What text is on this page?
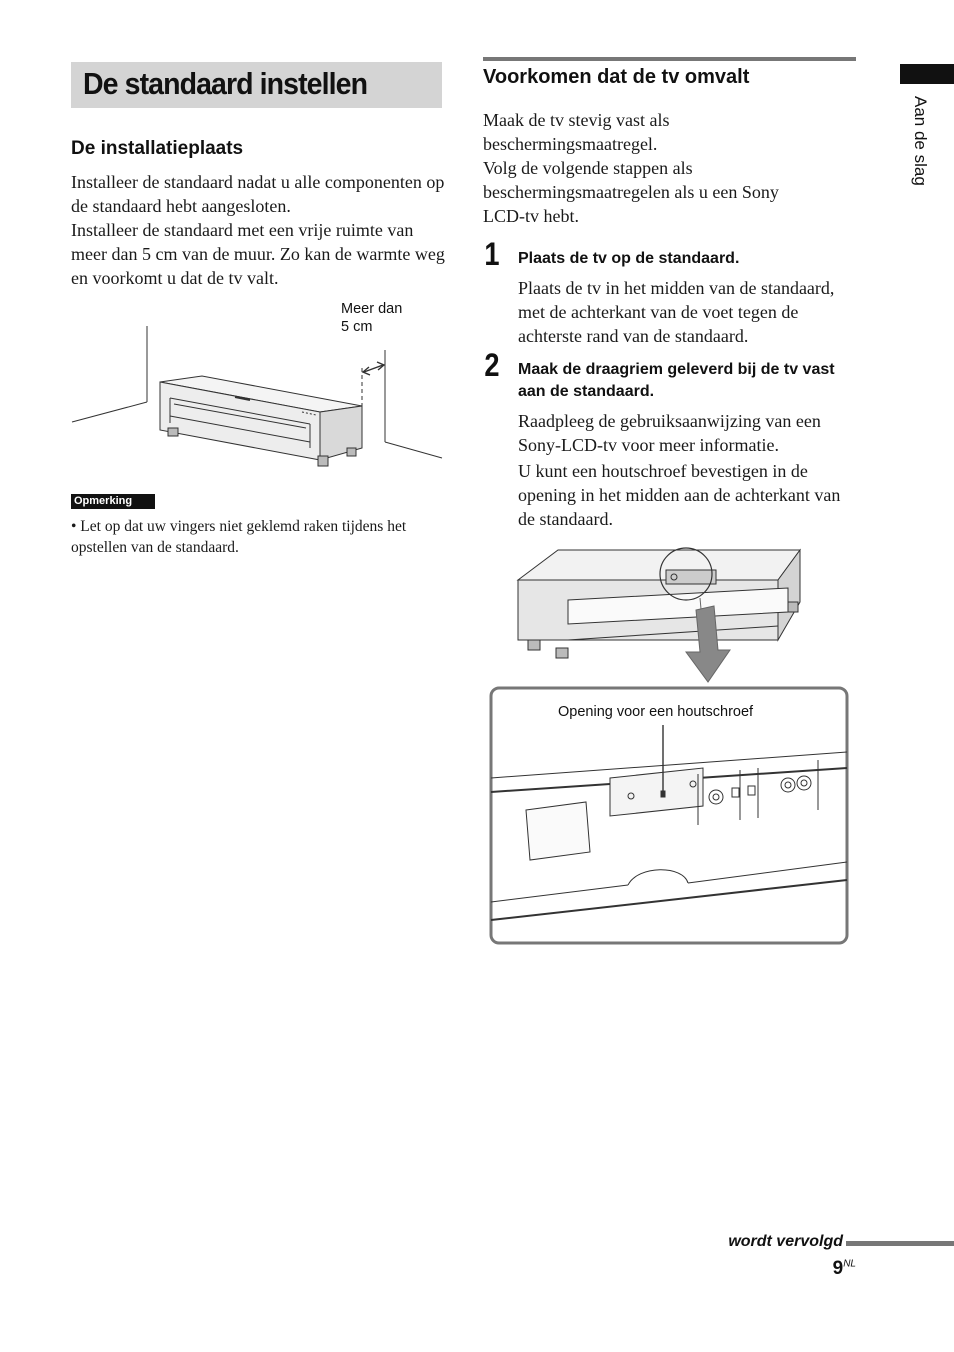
De standaard instellen
De installatieplaats

Installeer de standaard nadat u alle componenten op de standaard hebt aangesloten.

Installeer de standaard met een vrije ruimte van meer dan 5 cm van de muur. Zo kan de warmte weg en voorkomt u dat de tv valt.

Meer dan
5 cm
Opmerking
• Let op dat uw vingers niet geklemd raken tijdens het opstellen van de standaard.
Voorkomen dat de tv omvalt

Maak de tv stevig vast als beschermingsmaatregel.

Volg de volgende stappen als beschermingsmaatregelen als u een Sony LCD-tv hebt.

1 Plaats de tv op de standaard.
Plaats de tv in het midden van de standaard, met de achterkant van de voet tegen de achterste rand van de standaard.
2 Maak de draagriem geleverd bij de tv vast aan de standaard.
Raadpleeg de gebruiksaanwijzing van een Sony-LCD-tv voor meer informatie.
U kunt een houtschroef bevestigen in de opening in het midden aan de achterkant van de standaard.
Opening voor een houtschroef
Aan de slag
wordt vervolgd
$9^{NL}$
